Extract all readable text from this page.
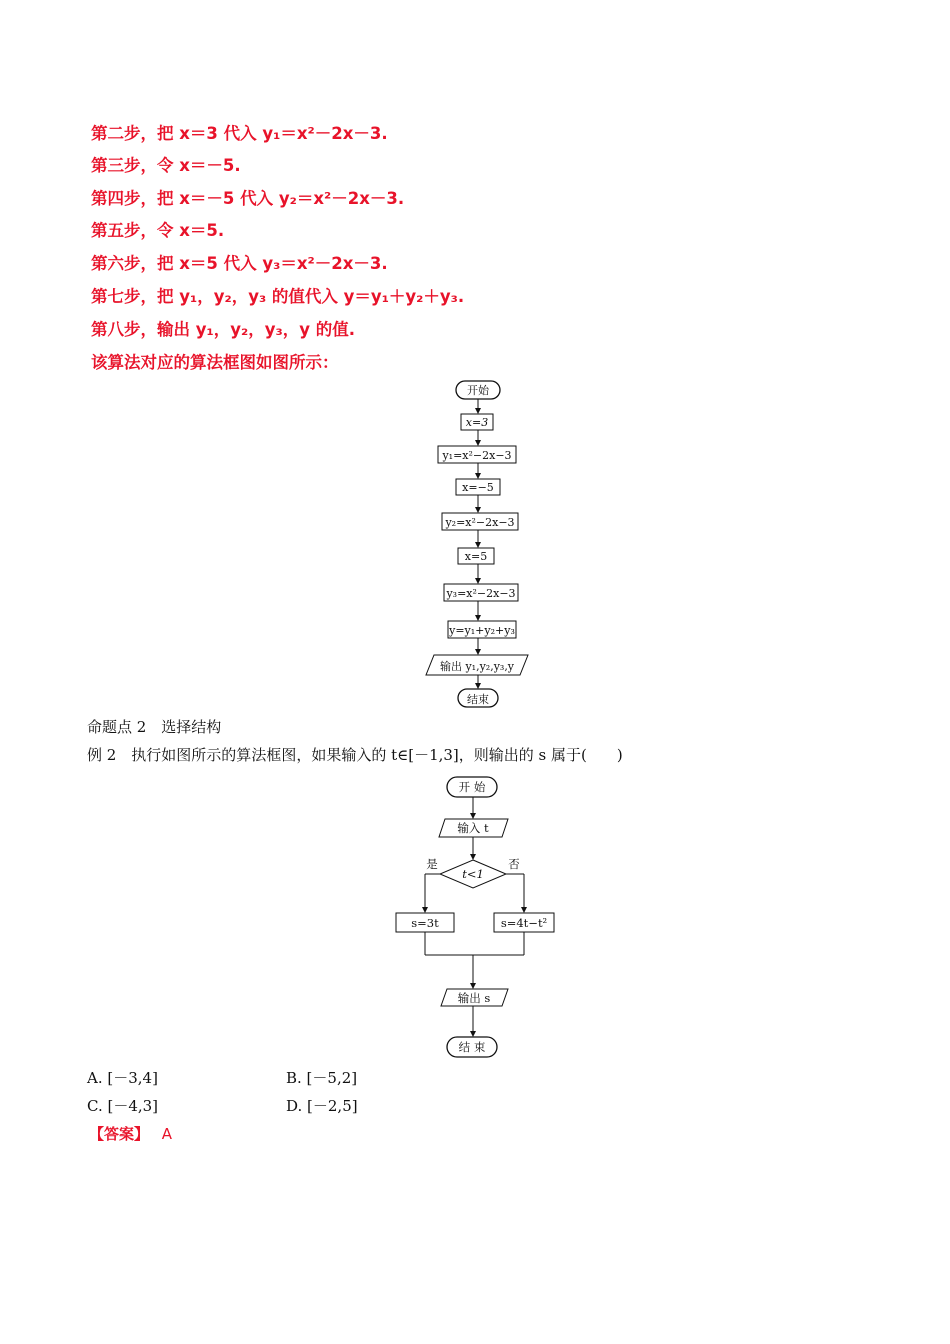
第二步，把 x＝3 代入 y₁＝x²－2x－3.
第三步，令 x＝－5.
第四步，把 x＝－5 代入 y₂＝x²－2x－3.
第五步，令 x＝5.
第六步，把 x＝5 代入 y₃＝x²－2x－3.
第七步，把 y₁，y₂，y₃ 的值代入 y＝y₁＋y₂＋y₃.
第八步，输出 y₁，y₂，y₃，y 的值.
该算法对应的算法框图如图所示：
开始
x=3
y₁=x²−2x−3
x=−5
y₂=x²−2x−3
x=5
y₃=x²−2x−3
y=y₁+y₂+y₃
输出 y₁,y₂,y₃,y
结束
命题点 2　选择结构
例 2　执行如图所示的算法框图，如果输入的 t∈[－1,3]，则输出的 s 属于(　　)
开 始
输入 t
t<1
是	否
s=3t	s=4t−t²
输出 s
结 束
A. [－3,4]	B. [－5,2]
C. [－4,3]	D. [－2,5]
【答案】 A
